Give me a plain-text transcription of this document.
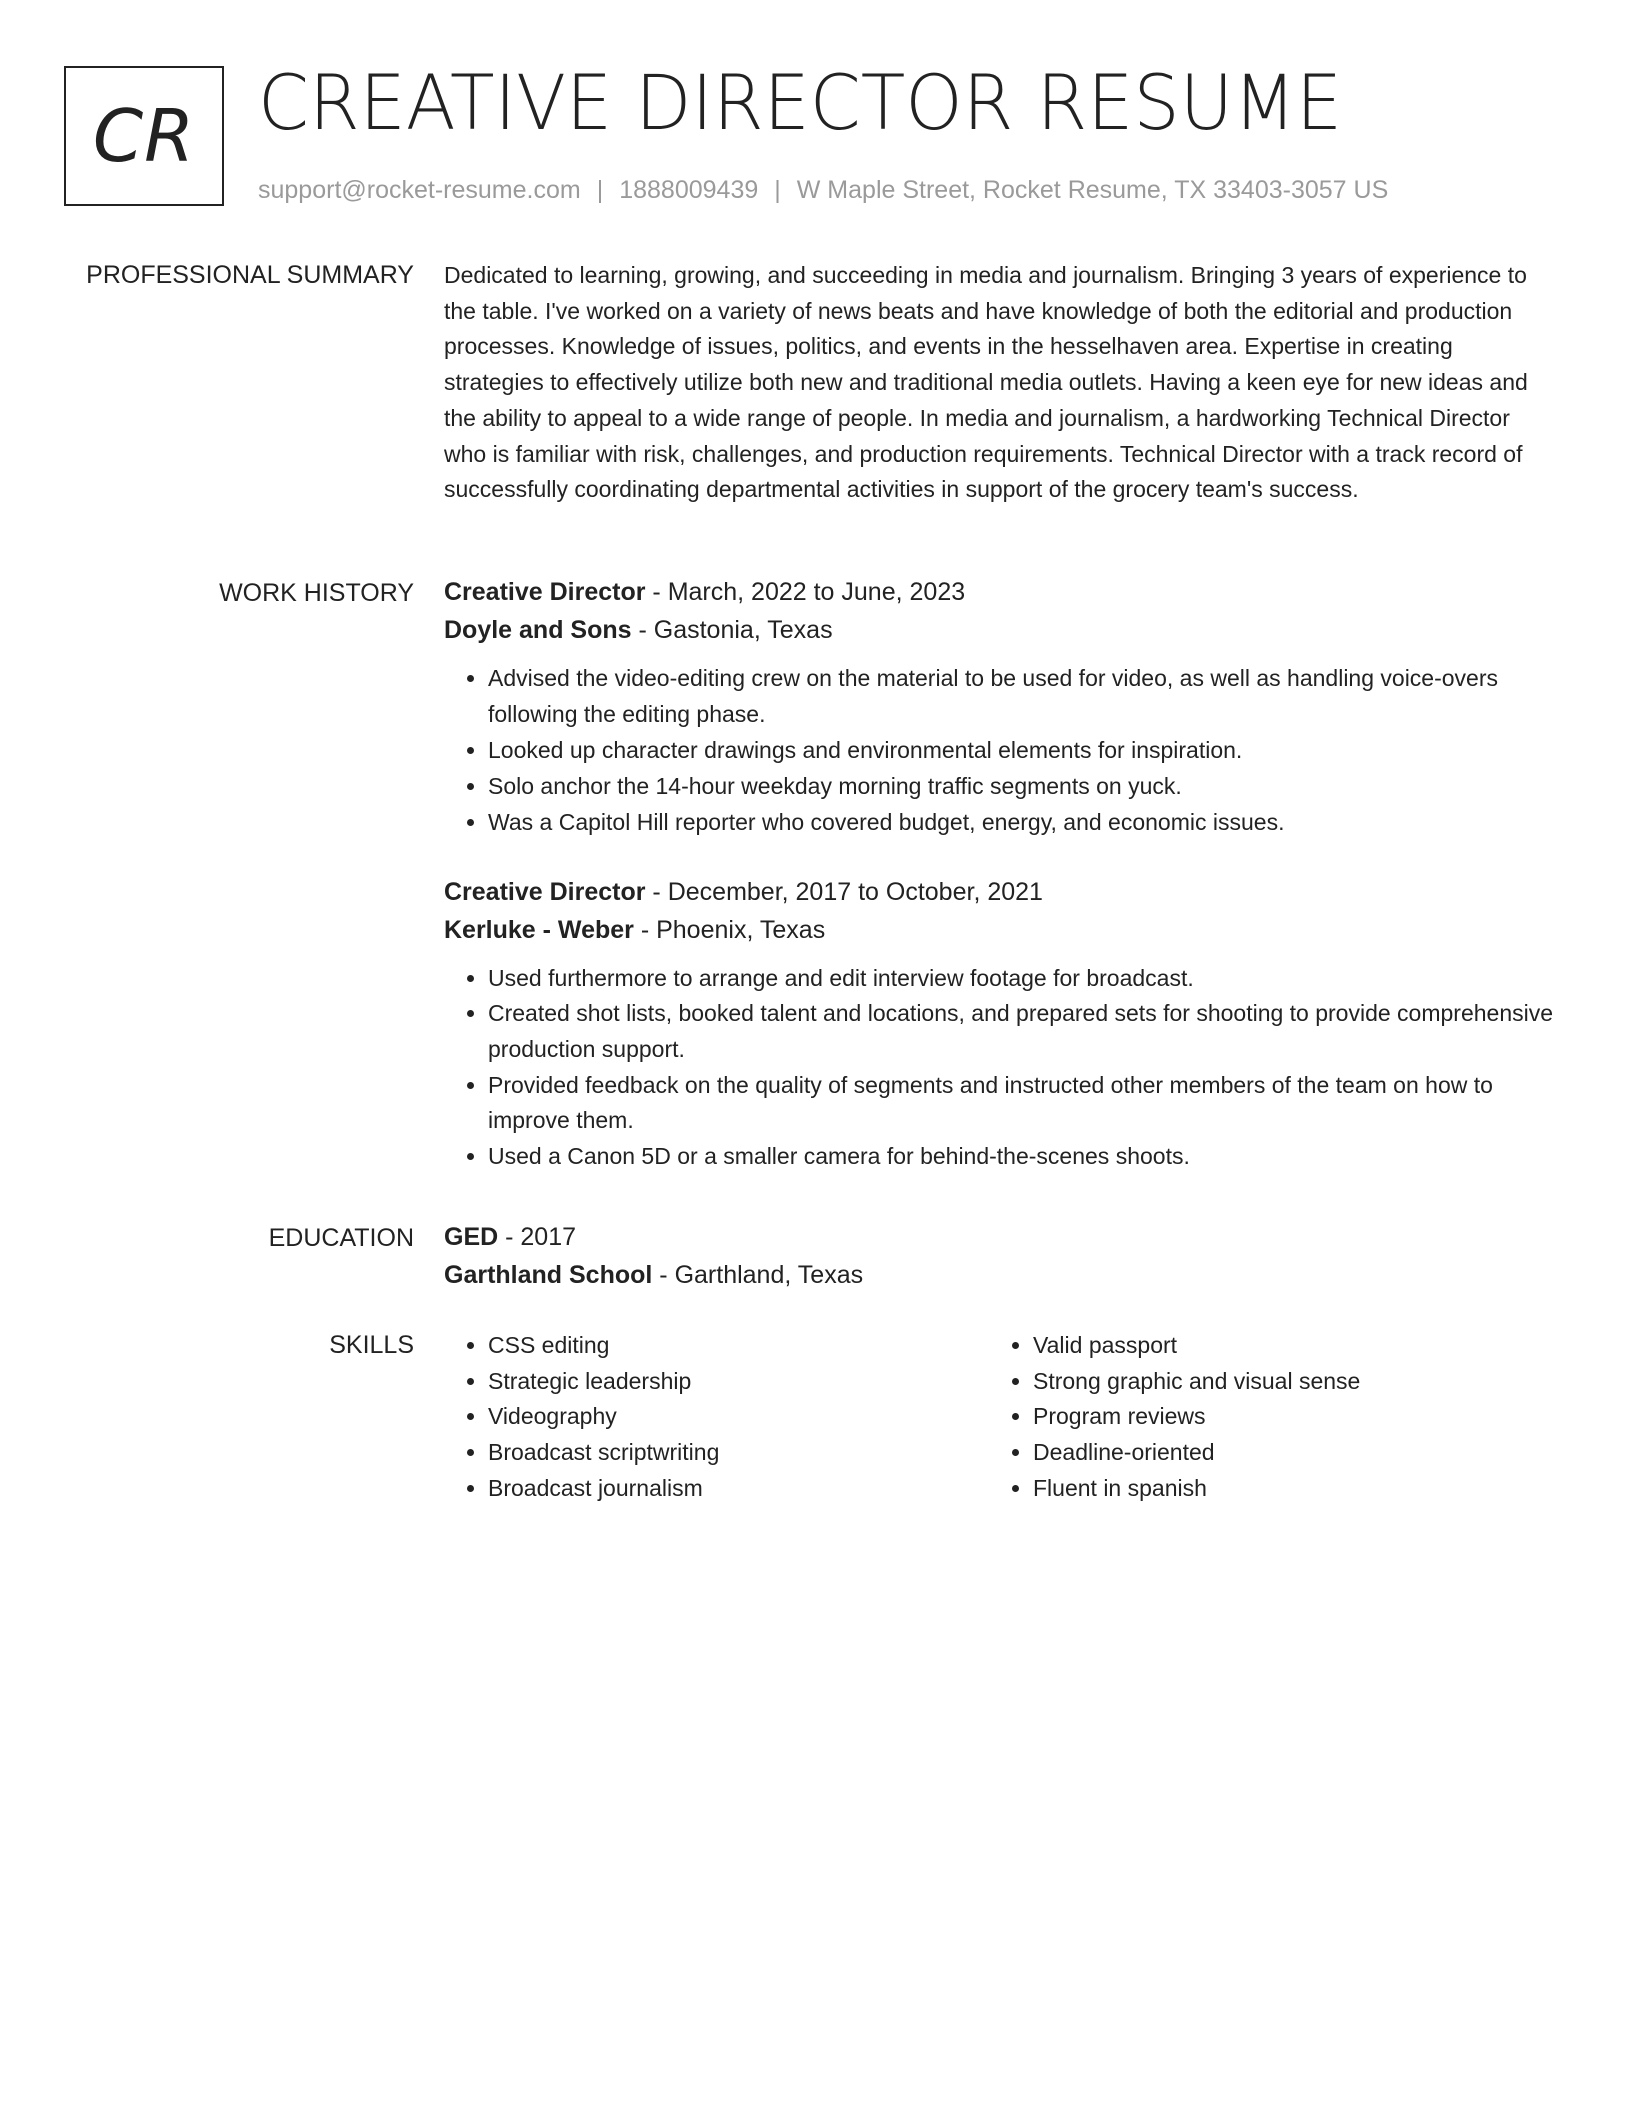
CR CREATIVE DIRECTOR RESUME
support@rocket-resume.com | 1888009439 | W Maple Street, Rocket Resume, TX 33403-3057 US
PROFESSIONAL SUMMARY Dedicated to learning, growing, and succeeding in media and journalism. Bringing 3 years of experience to the table. I've worked on a variety of news beats and have knowledge of both the editorial and production processes. Knowledge of issues, politics, and events in the hesselhaven area. Expertise in creating strategies to effectively utilize both new and traditional media outlets. Having a keen eye for new ideas and the ability to appeal to a wide range of people. In media and journalism, a hardworking Technical Director who is familiar with risk, challenges, and production requirements. Technical Director with a track record of successfully coordinating departmental activities in support of the grocery team's success.

WORK HISTORY Creative Director - March, 2022 to June, 2023

Doyle and Sons - Gastonia, Texas

• Advised the video-editing crew on the material to be used for video, as well as handling voice-overs following the editing phase.
• Looked up character drawings and environmental elements for inspiration.
• Solo anchor the 14-hour weekday morning traffic segments on yuck.
• Was a Capitol Hill reporter who covered budget, energy, and economic issues.

Creative Director - December, 2017 to October, 2021

Kerluke - Weber - Phoenix, Texas

• Used furthermore to arrange and edit interview footage for broadcast.
• Created shot lists, booked talent and locations, and prepared sets for shooting to provide comprehensive production support.
• Provided feedback on the quality of segments and instructed other members of the team on how to improve them.
• Used a Canon 5D or a smaller camera for behind-the-scenes shoots.
EDUCATION GED - 2017

Garthland School - Garthland, Texas

SKILLS
•	CSS editing
• Strategic leadership
• Videography
• Broadcast scriptwriting
• Broadcast journalism
• Valid passport
• Strong graphic and visual sense
• Program reviews
• Deadline-oriented
• Fluent in spanish
